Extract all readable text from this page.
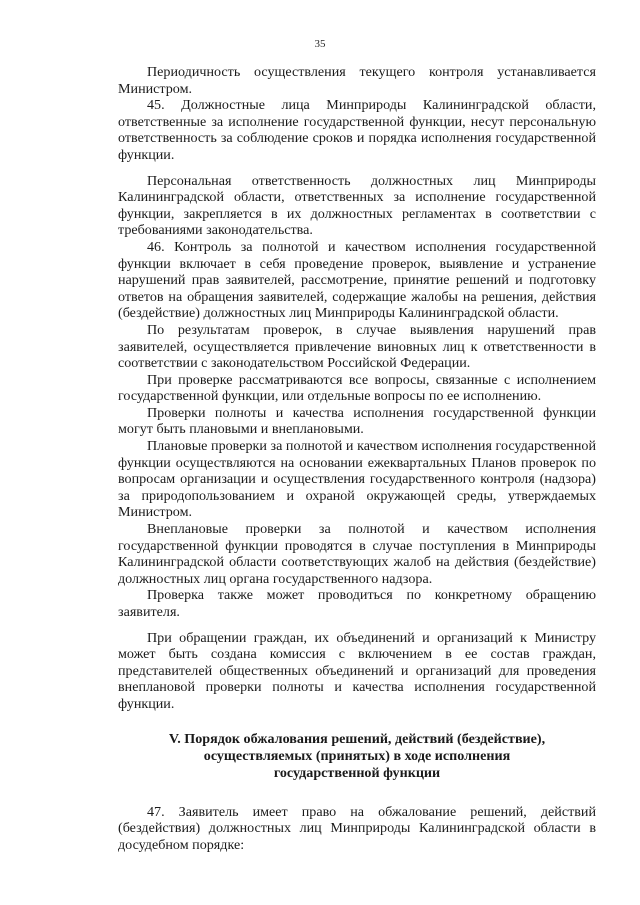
35

Периодичность осуществления текущего контроля устанавливается Министром.

45. Должностные лица Минприроды Калининградской области, ответственные за исполнение государственной функции, несут персональную ответственность за соблюдение сроков и порядка исполнения государственной функции.

Персональная ответственность должностных лиц Минприроды Калининградской области, ответственных за исполнение государственной функции, закрепляется в их должностных регламентах в соответствии с требованиями законодательства.

46. Контроль за полнотой и качеством исполнения государственной функции включает в себя проведение проверок, выявление и устранение нарушений прав заявителей, рассмотрение, принятие решений и подготовку ответов на обращения заявителей, содержащие жалобы на решения, действия (бездействие) должностных лиц Минприроды Калининградской области.

По результатам проверок, в случае выявления нарушений прав заявителей, осуществляется привлечение виновных лиц к ответственности в соответствии с законодательством Российской Федерации.

При проверке рассматриваются все вопросы, связанные с исполнением государственной функции, или отдельные вопросы по ее исполнению.

Проверки полноты и качества исполнения государственной функции могут быть плановыми и внеплановыми.

Плановые проверки за полнотой и качеством исполнения государственной функции осуществляются на основании ежеквартальных Планов проверок по вопросам организации и осуществления государственного контроля (надзора) за природопользованием и охраной окружающей среды, утверждаемых Министром.

Внеплановые проверки за полнотой и качеством исполнения государственной функции проводятся в случае поступления в Минприроды Калининградской области соответствующих жалоб на действия (бездействие) должностных лиц органа государственного надзора.

Проверка также может проводиться по конкретному обращению заявителя.

При обращении граждан, их объединений и организаций к Министру может быть создана комиссия с включением в ее состав граждан, представителей общественных объединений и организаций для проведения внеплановой проверки полноты и качества исполнения государственной функции.

V. Порядок обжалования решений, действий (бездействие),
осуществляемых (принятых) в ходе исполнения
государственной функции

47. Заявитель имеет право на обжалование решений, действий (бездействия) должностных лиц Минприроды Калининградской области в досудебном порядке:
